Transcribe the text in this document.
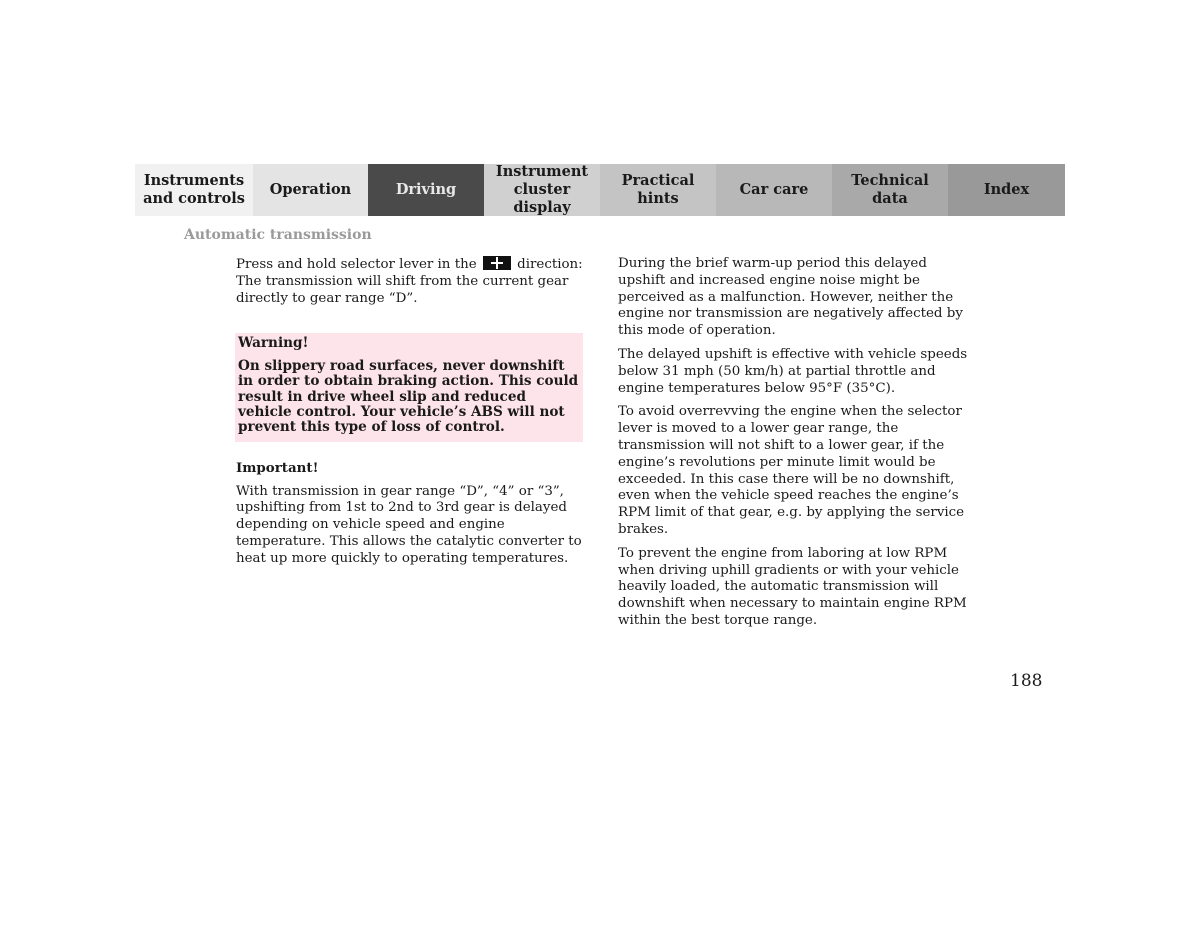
Instruments
and controls
Operation	Driving
Instrument
cluster display
Practical hints
Car care
Technical
data
Index
Automatic transmission

Press and hold selector lever in the	direction: The transmission will shift from the current gear directly to gear range “D”.

Warning!
On slippery road surfaces, never downshift in order to obtain braking action. This could result in drive wheel slip and reduced vehicle control. Your vehicle’s ABS will not prevent this type of loss of control.

Important!

With transmission in gear range “D”, “4” or “3”, upshifting from 1st to 2nd to 3rd gear is delayed depending on vehicle speed and engine temperature. This allows the catalytic converter to heat up more quickly to operating temperatures.

During the brief warm-up period this delayed upshift and increased engine noise might be perceived as a malfunction. However, neither the engine nor transmission are negatively affected by this mode of operation.

The delayed upshift is effective with vehicle speeds below 31 mph (50 km/h) at partial throttle and engine temperatures below 95°F (35°C).

To avoid overrevving the engine when the selector lever is moved to a lower gear range, the transmission will not shift to a lower gear, if the engine’s revolutions per minute limit would be exceeded. In this case there will be no downshift, even when the vehicle speed reaches the engine’s RPM limit of that gear, e.g. by applying the service brakes.

To prevent the engine from laboring at low RPM when driving uphill gradients or with your vehicle heavily loaded, the automatic transmission will downshift when necessary to maintain engine RPM within the best torque range.

188
